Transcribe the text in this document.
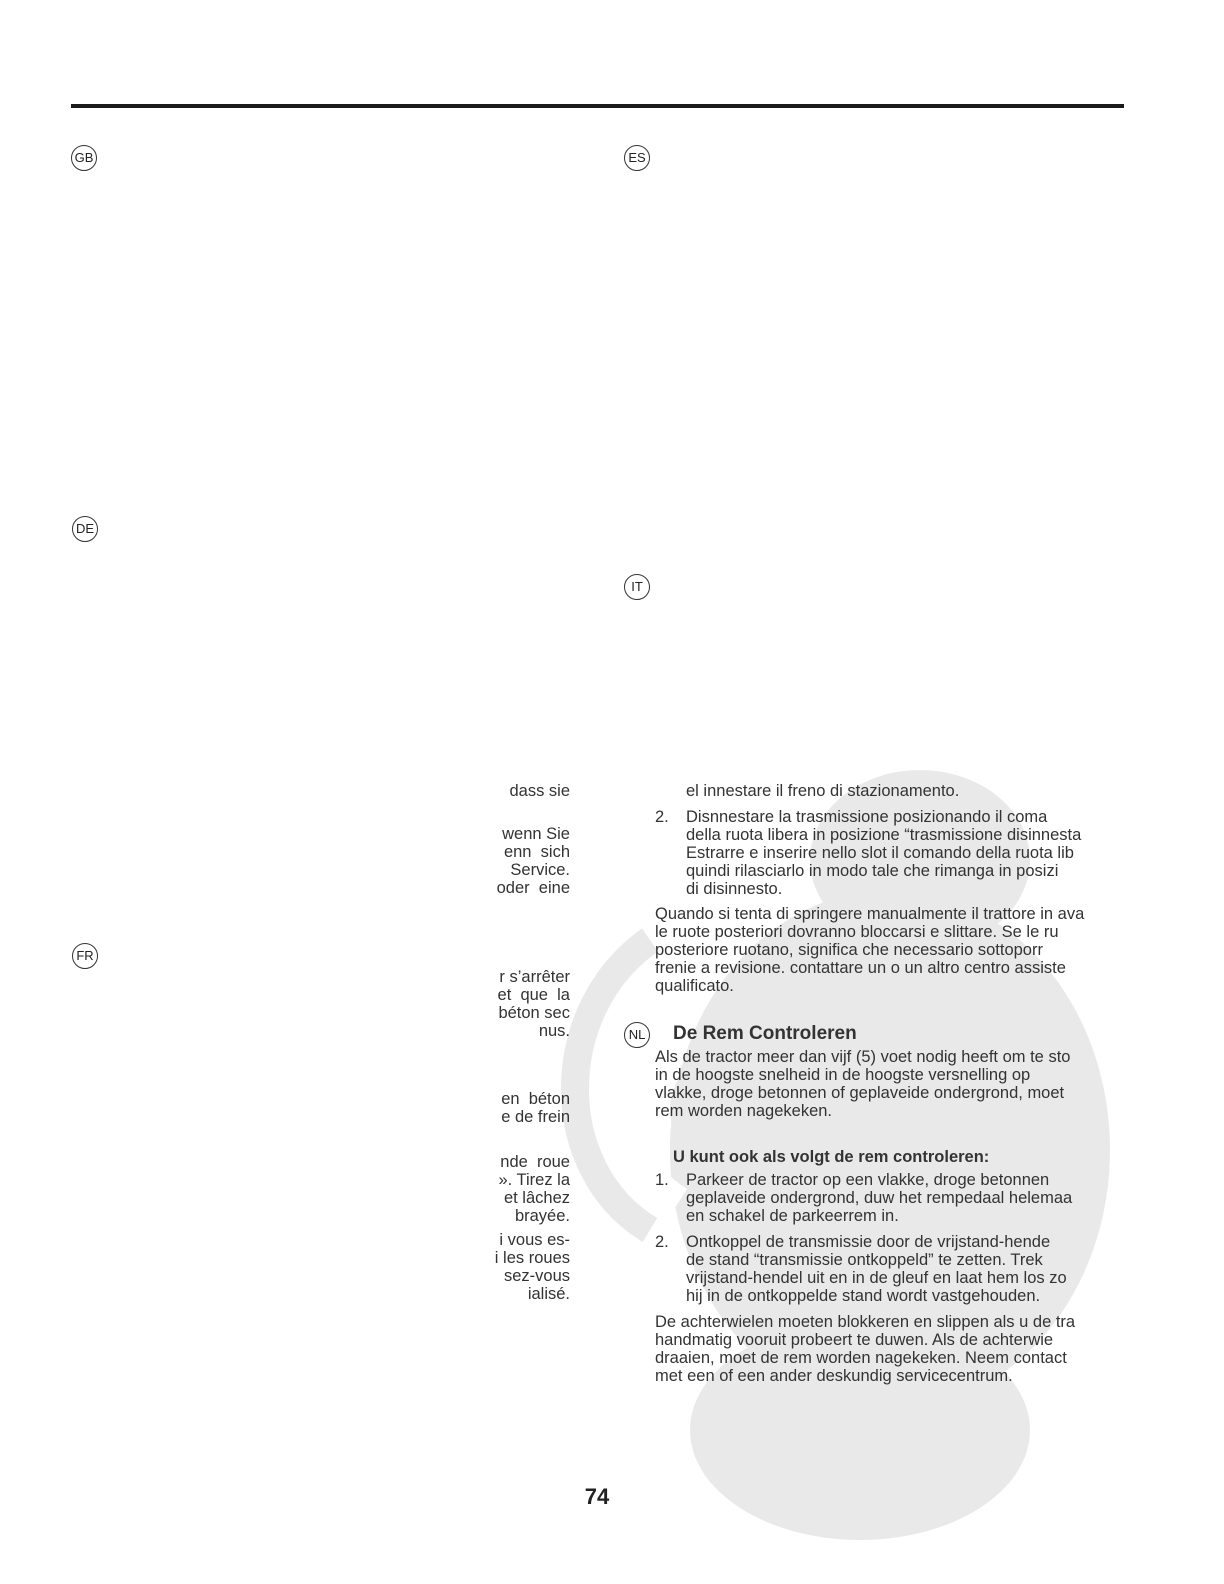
GB
DE
FR
ES
IT
NL
dass sie
wenn Sie
enn  sich
Service.
oder  eine
r s’arrêter
et  que  la
béton sec
nus.
en  béton
e de frein
nde  roue
». Tirez la
et lâchez
brayée.
i vous es-
i les roues
sez-vous
ialisé.
el innestare il freno di stazionamento.
2. Disnnestare la trasmissione posizionando il coma
della ruota libera in posizione “trasmissione disinnesta
Estrarre e inserire nello slot il comando della ruota lib
quindi rilasciarlo in modo tale che rimanga in posizi
di disinnesto.
Quando si tenta di springere manualmente il trattore in ava
le ruote posteriori dovranno bloccarsi e slittare. Se le ru
posteriore ruotano, significa che necessario sottoporr
frenie a revisione. contattare un o un altro centro assiste
qualificato.
De Rem Controleren
Als de tractor meer dan vijf (5) voet nodig heeft om te sto
in de hoogste snelheid in de hoogste versnelling op
vlakke, droge betonnen of geplaveide ondergrond, moet
rem worden nagekeken.
U kunt ook als volgt de rem controleren:
1. Parkeer de tractor op een vlakke, droge betonnen
geplaveide ondergrond, duw het rempedaal helemaa
en schakel de parkeerrem in.
2. Ontkoppel de transmissie door de vrijstand-hende
de stand “transmissie ontkoppeld” te zetten. Trek
vrijstand-hendel uit en in de gleuf en laat hem los zo
hij in de ontkoppelde stand wordt vastgehouden.
De achterwielen moeten blokkeren en slippen als u de tra
handmatig vooruit probeert te duwen. Als de achterwie
draaien, moet de rem worden nagekeken. Neem contact
met een of een ander deskundig servicecentrum.
74
